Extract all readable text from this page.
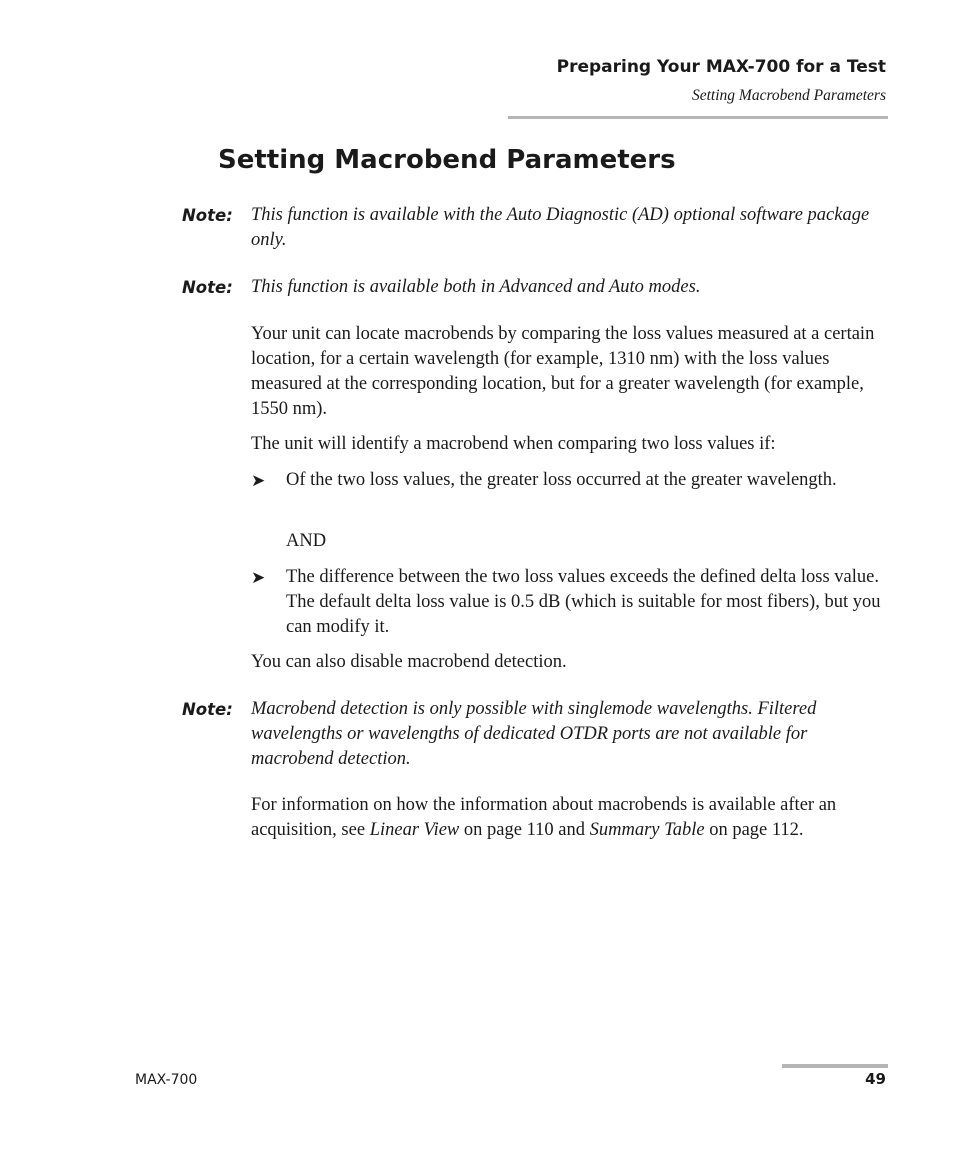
Preparing Your MAX-700 for a Test
Setting Macrobend Parameters
Setting Macrobend Parameters
Note: This function is available with the Auto Diagnostic (AD) optional software package only.
Note: This function is available both in Advanced and Auto modes.
Your unit can locate macrobends by comparing the loss values measured at a certain location, for a certain wavelength (for example, 1310 nm) with the loss values measured at the corresponding location, but for a greater wavelength (for example, 1550 nm).
The unit will identify a macrobend when comparing two loss values if:
➤ Of the two loss values, the greater loss occurred at the greater wavelength.
AND
➤ The difference between the two loss values exceeds the defined delta loss value. The default delta loss value is 0.5 dB (which is suitable for most fibers), but you can modify it.
You can also disable macrobend detection.
Note: Macrobend detection is only possible with singlemode wavelengths. Filtered wavelengths or wavelengths of dedicated OTDR ports are not available for macrobend detection.
For information on how the information about macrobends is available after an acquisition, see Linear View on page 110 and Summary Table on page 112.
MAX-700	49
